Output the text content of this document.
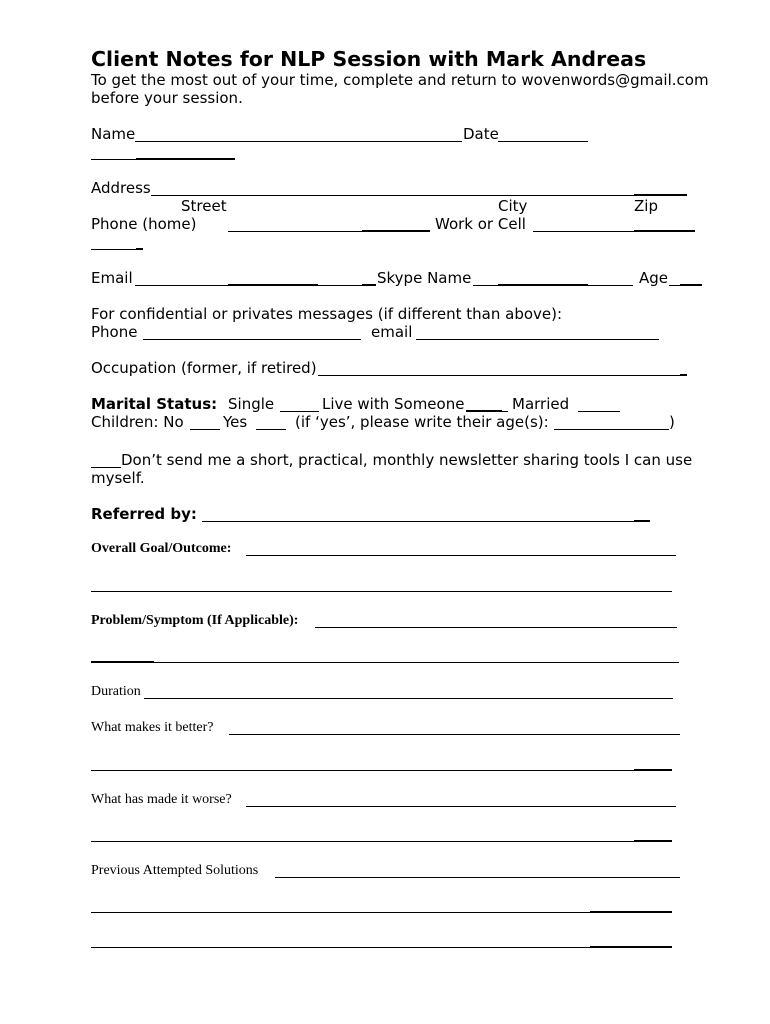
Client Notes for NLP Session with Mark Andreas
To get the most out of your time, complete and return to wovenwords@gmail.com
before your session.
Name	Date
Address
Street	City	Zip
Phone (home)	Work or Cell
Email	Skype Name	Age
For confidential or privates messages (if different than above):
Phone	email
Occupation (former, if retired)
Marital Status: Single	Live with Someone	Married
Children: No	Yes	(if ‘yes’, please write their age(s):	)
Don’t send me a short, practical, monthly newsletter sharing tools I can use
myself.
Referred by:
Overall Goal/Outcome:
Problem/Symptom (If Applicable):
Duration
What makes it better?
What has made it worse?
Previous Attempted Solutions
